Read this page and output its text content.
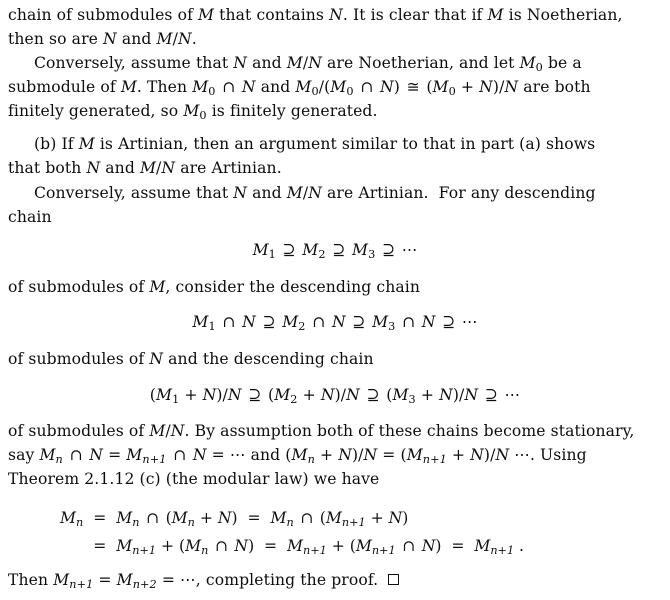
chain of submodules of M that contains N. It is clear that if M is Noetherian,
then so are N and M/N.
Conversely, assume that N and M/N are Noetherian, and let $M_0$ be a
submodule of M. Then $M_0$ ∩ N and $M_0/(M_0$ ∩ N) ≅ $(M_0 + N)/N$ are both
finitely generated, so $M_0$ is finitely generated.
(b) If M is Artinian, then an argument similar to that in part (a) shows
that both N and M/N are Artinian.
Conversely, assume that N and M/N are Artinian.  For any descending
chain
$M_1$ ⊇ $M_2$ ⊇ $M_3$ ⊇ ⋯
of submodules of M, consider the descending chain
$M_1$ ∩ N ⊇ $M_2$ ∩ N ⊇ $M_3$ ∩ N ⊇ ⋯
of submodules of N and the descending chain
$(M_1 + N)/N$ ⊇ $(M_2 + N)/N$ ⊇ $(M_3 + N)/N$ ⊇ ⋯
of submodules of M/N. By assumption both of these chains become stationary,
say $M_n$ ∩ $N = M_{n+1}$ ∩ N = ⋯ and $(M_n + N)/N = (M_{n+1} + N)/N$ ⋯. Using
Theorem 2.1.12 (c) (the modular law) we have
$M_n = M_n$ ∩ $(M_n + N) = M_n$ ∩ $(M_{n+1} + N)$
= $M_{n+1} + (M_n$ ∩ $N) = M_{n+1} + (M_{n+1}$ ∩ $N) = M_{n+1}$ .
Then $M_{n+1} = M_{n+2}$ = ⋯, completing the proof.
